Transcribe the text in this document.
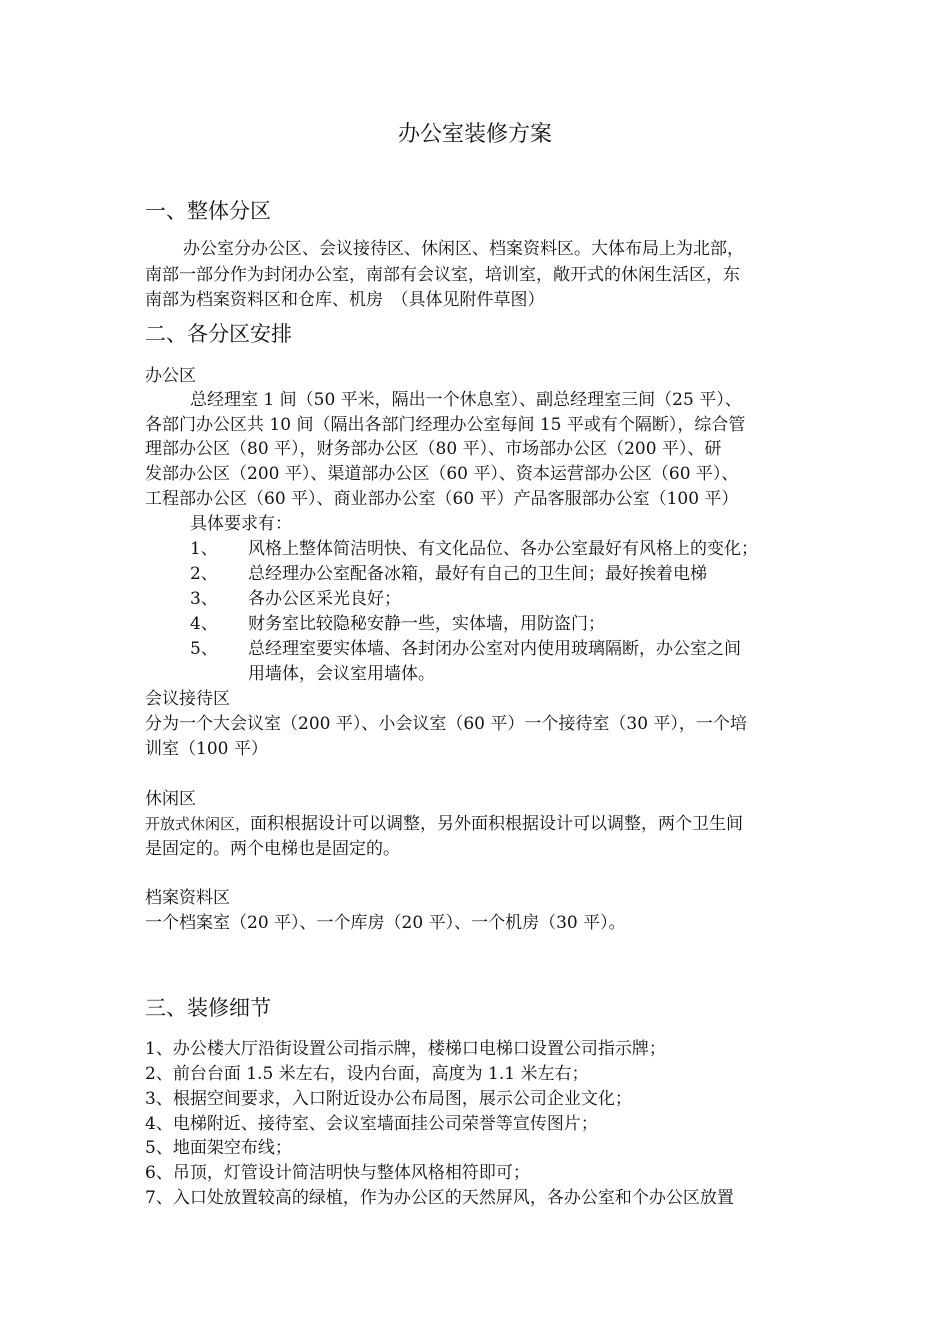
办公室装修方案
一、整体分区
办公室分办公区、会议接待区、休闲区、档案资料区。大体布局上为北部，
南部一部分作为封闭办公室，南部有会议室，培训室，敞开式的休闲生活区，东
南部为档案资料区和仓库、机房　（具体见附件草图）
二、各分区安排
办公区
总经理室 1 间（50 平米，隔出一个休息室）、副总经理室三间（25 平）、
各部门办公区共 10 间（隔出各部门经理办公室每间 15 平或有个隔断），综合管
理部办公区（80 平），财务部办公区（80 平）、市场部办公区（200 平）、研
发部办公区（200 平）、渠道部办公区（60 平）、资本运营部办公区（60 平）、
工程部办公区（60 平）、商业部办公室（60 平）产品客服部办公室（100 平）
具体要求有：
1、 风格上整体简洁明快、有文化品位、各办公室最好有风格上的变化；
2、 总经理办公室配备冰箱，最好有自己的卫生间；最好挨着电梯
3、 各办公区采光良好；
4、 财务室比较隐秘安静一些，实体墙，用防盗门；
5、 总经理室要实体墙、各封闭办公室对内使用玻璃隔断，办公室之间
用墙体，会议室用墙体。
会议接待区
分为一个大会议室（200 平）、小会议室（60 平）一个接待室（30 平），一个培
训室（100 平）
休闲区
开放式休闲区，面积根据设计可以调整，另外面积根据设计可以调整，两个卫生间
是固定的。两个电梯也是固定的。
档案资料区
一个档案室（20 平）、一个库房（20 平）、一个机房（30 平）。
三、装修细节
1、办公楼大厅沿街设置公司指示牌，楼梯口电梯口设置公司指示牌；
2、前台台面 1.5 米左右，设内台面，高度为 1.1 米左右；
3、根据空间要求，入口附近设办公布局图，展示公司企业文化；
4、电梯附近、接待室、会议室墙面挂公司荣誉等宣传图片；
5、地面架空布线；
6、吊顶，灯管设计简洁明快与整体风格相符即可；
7、入口处放置较高的绿植，作为办公区的天然屏风，各办公室和个办公区放置
